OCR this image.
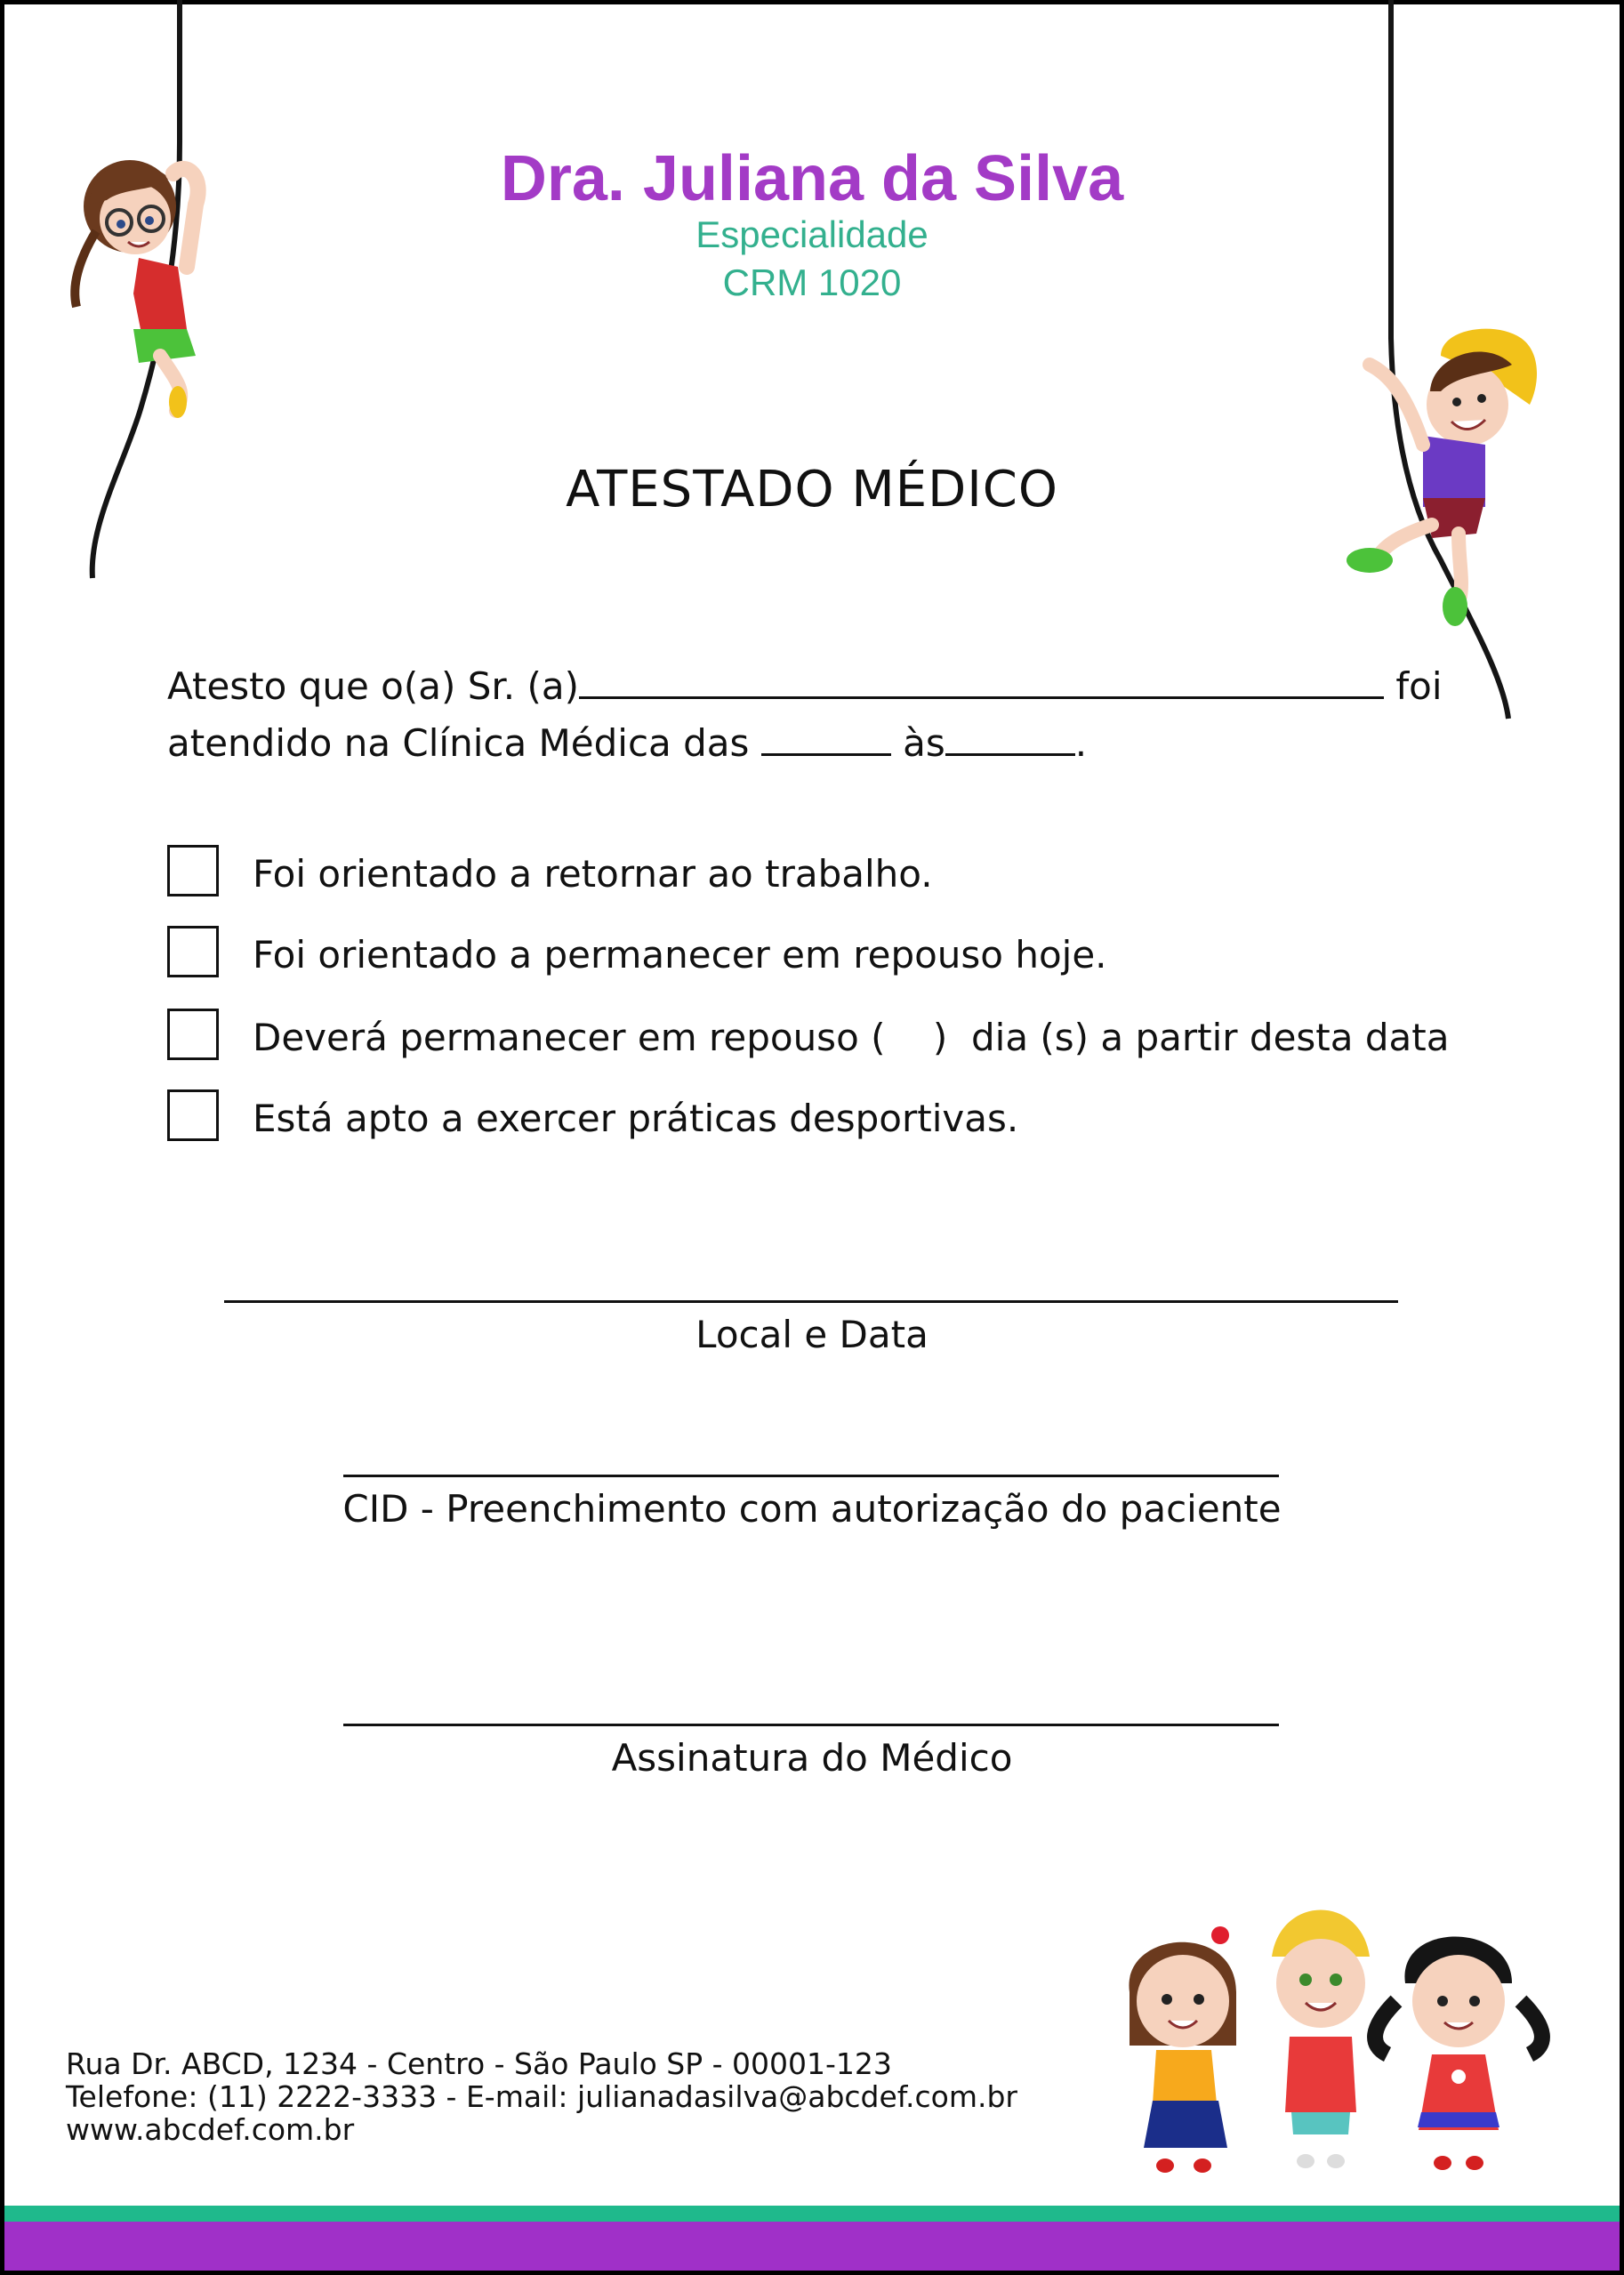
Dra. Juliana da Silva
Especialidade
CRM 1020
ATESTADO MÉDICO
Atesto que o(a) Sr. (a)	foi
atendido na Clínica Médica das	às	.
Foi orientado a retornar ao trabalho.
Foi orientado a permanecer em repouso hoje.
Deverá permanecer em repouso (    )  dia (s) a partir desta data
Está apto a exercer práticas desportivas.
Local e Data
CID - Preenchimento com autorização do paciente
Assinatura do Médico
Rua Dr. ABCD, 1234 - Centro - São Paulo SP - 00001-123
Telefone: (11) 2222-3333 - E-mail: julianadasilva@abcdef.com.br
www.abcdef.com.br
